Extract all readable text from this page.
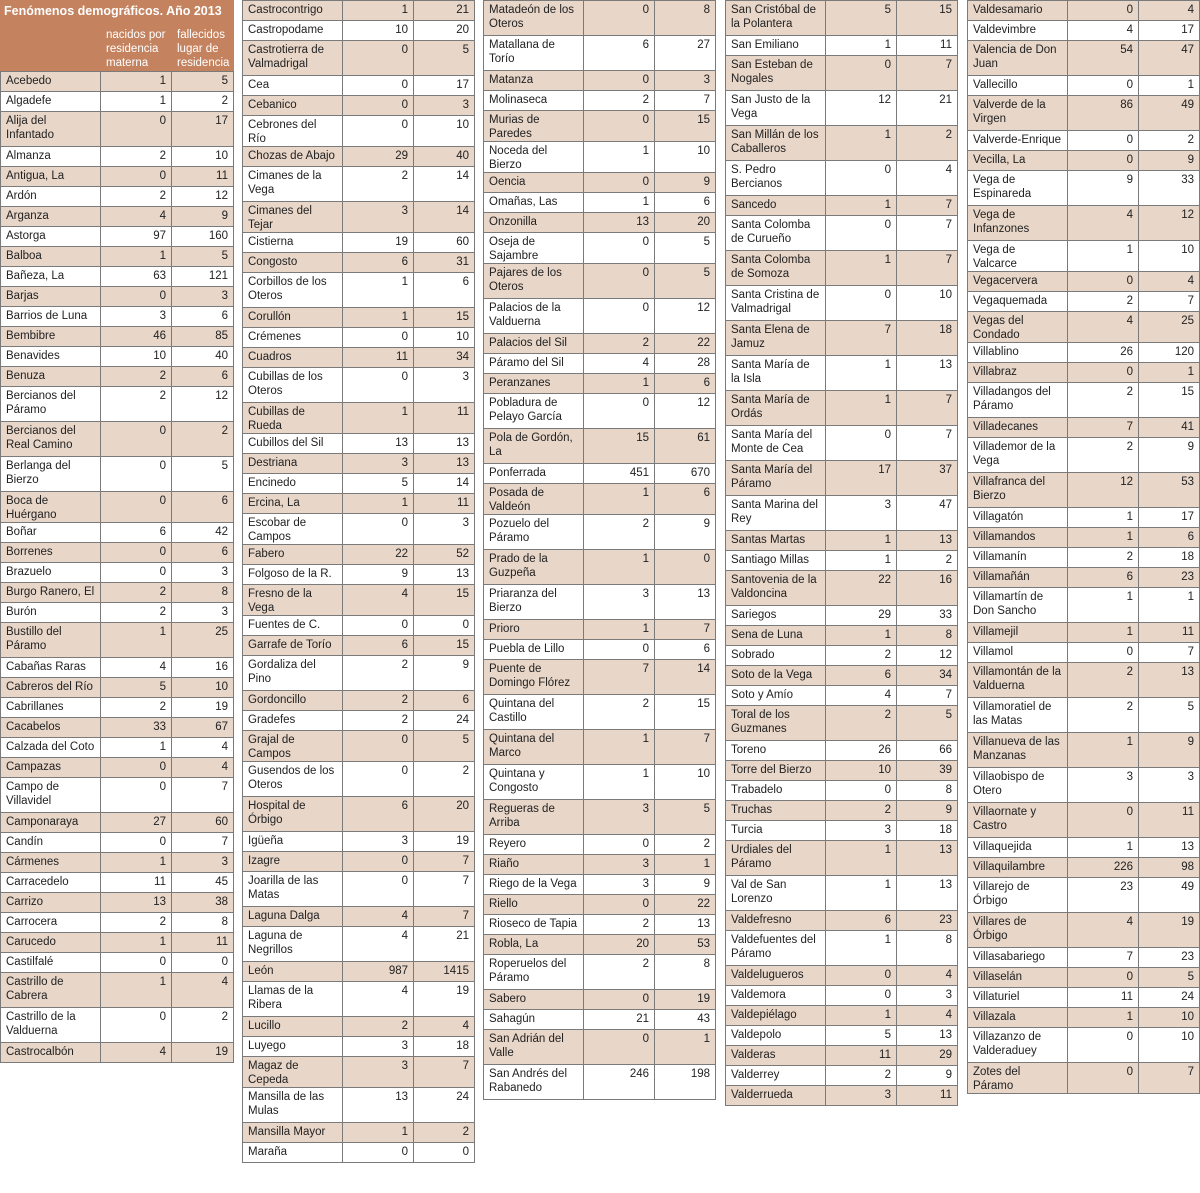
Fenómenos demográficos. Año 2013
	nacidos por residencia materna	fallecidos lugar de residencia
Acebedo	1	5
Algadefe	1	2
Alija del Infantado	0	17
Almanza	2	10
Antigua, La	0	11
Ardón	2	12
Arganza	4	9
Astorga	97	160
Balboa	1	5
Bañeza, La	63	121
Barjas	0	3
Barrios de Luna	3	6
Bembibre	46	85
Benavides	10	40
Benuza	2	6
Bercianos del Páramo	2	12
Bercianos del Real Camino	0	2
Berlanga del Bierzo	0	5
Boca de Huérgano	0	6
Boñar	6	42
Borrenes	0	6
Brazuelo	0	3
Burgo Ranero, El	2	8
Burón	2	3
Bustillo del Páramo	1	25
Cabañas Raras	4	16
Cabreros del Río	5	10
Cabrillanes	2	19
Cacabelos	33	67
Calzada del Coto	1	4
Campazas	0	4
Campo de Villavidel	0	7
Camponaraya	27	60
Candín	0	7
Cármenes	1	3
Carracedelo	11	45
Carrizo	13	38
Carrocera	2	8
Carucedo	1	11
Castilfalé	0	0
Castrillo de Cabrera	1	4
Castrillo de la Valduerna	0	2
Castrocalbón	4	19
Castrocontrigo	1	21
Castropodame	10	20
Castrotierra de Valmadrigal	0	5
Cea	0	17
Cebanico	0	3
Cebrones del Río	0	10
Chozas de Abajo	29	40
Cimanes de la Vega	2	14
Cimanes del Tejar	3	14
Cistierna	19	60
Congosto	6	31
Corbillos de los Oteros	1	6
Corullón	1	15
Crémenes	0	10
Cuadros	11	34
Cubillas de los Oteros	0	3
Cubillas de Rueda	1	11
Cubillos del Sil	13	13
Destriana	3	13
Encinedo	5	14
Ercina, La	1	11
Escobar de Campos	0	3
Fabero	22	52
Folgoso de la R.	9	13
Fresno de la Vega	4	15
Fuentes de C.	0	0
Garrafe de Torío	6	15
Gordaliza del Pino	2	9
Gordoncillo	2	6
Gradefes	2	24
Grajal de Campos	0	5
Gusendos de los Oteros	0	2
Hospital de Órbigo	6	20
Igüeña	3	19
Izagre	0	7
Joarilla de las Matas	0	7
Laguna Dalga	4	7
Laguna de Negrillos	4	21
León	987	1415
Llamas de la Ribera	4	19
Lucillo	2	4
Luyego	3	18
Magaz de Cepeda	3	7
Mansilla de las Mulas	13	24
Mansilla Mayor	1	2
Maraña	0	0
Matadeón de los Oteros	0	8
Matallana de Torío	6	27
Matanza	0	3
Molinaseca	2	7
Murias de Paredes	0	15
Noceda del Bierzo	1	10
Oencia	0	9
Omañas, Las	1	6
Onzonilla	13	20
Oseja de Sajambre	0	5
Pajares de los Oteros	0	5
Palacios de la Valduerna	0	12
Palacios del Sil	2	22
Páramo del Sil	4	28
Peranzanes	1	6
Pobladura de Pelayo García	0	12
Pola de Gordón, La	15	61
Ponferrada	451	670
Posada de Valdeón	1	6
Pozuelo del Páramo	2	9
Prado de la Guzpeña	1	0
Priaranza del Bierzo	3	13
Prioro	1	7
Puebla de Lillo	0	6
Puente de Domingo Flórez	7	14
Quintana del Castillo	2	15
Quintana del Marco	1	7
Quintana y Congosto	1	10
Regueras de Arriba	3	5
Reyero	0	2
Riaño	3	1
Riego de la Vega	3	9
Riello	0	22
Rioseco de Tapia	2	13
Robla, La	20	53
Roperuelos del Páramo	2	8
Sabero	0	19
Sahagún	21	43
San Adrián del Valle	0	1
San Andrés del Rabanedo	246	198
San Cristóbal de la Polantera	5	15
San Emiliano	1	11
San Esteban de Nogales	0	7
San Justo de la Vega	12	21
San Millán de los Caballeros	1	2
S. Pedro Bercianos	0	4
Sancedo	1	7
Santa Colomba de Curueño	0	7
Santa Colomba de Somoza	1	7
Santa Cristina de Valmadrigal	0	10
Santa Elena de Jamuz	7	18
Santa María de la Isla	1	13
Santa María de Ordás	1	7
Santa María del Monte de Cea	0	7
Santa María del Páramo	17	37
Santa Marina del Rey	3	47
Santas Martas	1	13
Santiago Millas	1	2
Santovenia de la Valdoncina	22	16
Sariegos	29	33
Sena de Luna	1	8
Sobrado	2	12
Soto de la Vega	6	34
Soto y Amío	4	7
Toral de los Guzmanes	2	5
Toreno	26	66
Torre del Bierzo	10	39
Trabadelo	0	8
Truchas	2	9
Turcia	3	18
Urdiales del Páramo	1	13
Val de San Lorenzo	1	13
Valdefresno	6	23
Valdefuentes del Páramo	1	8
Valdelugueros	0	4
Valdemora	0	3
Valdepiélago	1	4
Valdepolo	5	13
Valderas	11	29
Valderrey	2	9
Valderrueda	3	11
Valdesamario	0	4
Valdevimbre	4	17
Valencia de Don Juan	54	47
Vallecillo	0	1
Valverde de la Virgen	86	49
Valverde-Enrique	0	2
Vecilla, La	0	9
Vega de Espinareda	9	33
Vega de Infanzones	4	12
Vega de Valcarce	1	10
Vegacervera	0	4
Vegaquemada	2	7
Vegas del Condado	4	25
Villablino	26	120
Villabraz	0	1
Villadangos del Páramo	2	15
Villadecanes	7	41
Villademor de la Vega	2	9
Villafranca del Bierzo	12	53
Villagatón	1	17
Villamandos	1	6
Villamanín	2	18
Villamañán	6	23
Villamartín de Don Sancho	1	1
Villamejil	1	11
Villamol	0	7
Villamontán de la Valduerna	2	13
Villamoratiel de las Matas	2	5
Villanueva de las Manzanas	1	9
Villaobispo de Otero	3	3
Villaornate y Castro	0	11
Villaquejida	1	13
Villaquilambre	226	98
Villarejo de Órbigo	23	49
Villares de Órbigo	4	19
Villasabariego	7	23
Villaselán	0	5
Villaturiel	11	24
Villazala	1	10
Villazanzo de Valderaduey	0	10
Zotes del Páramo	0	7
